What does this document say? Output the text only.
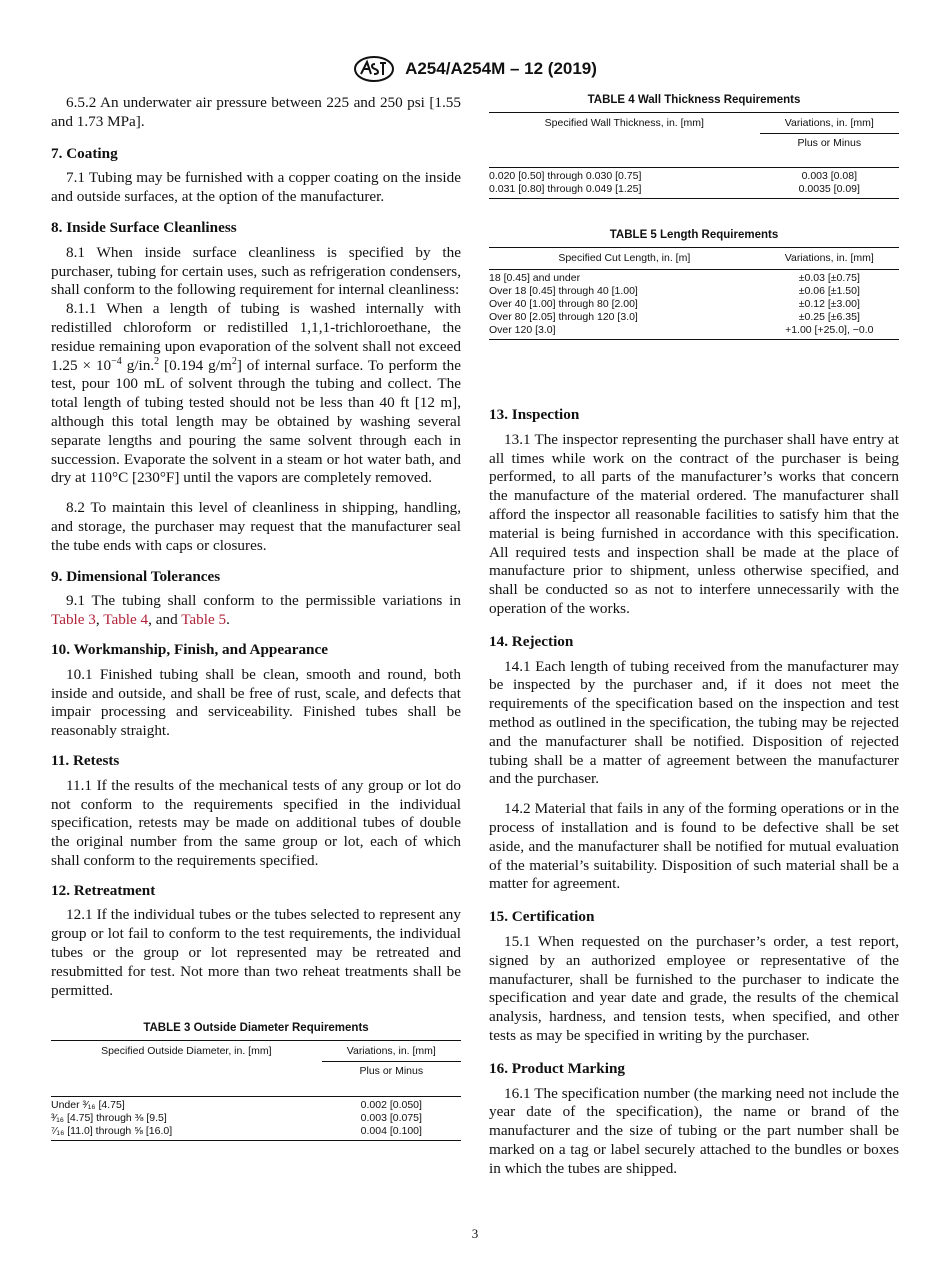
A254/A254M – 12 (2019)

6.5.2 An underwater air pressure between 225 and 250 psi [1.55 and 1.73 MPa].

7. Coating

7.1 Tubing may be furnished with a copper coating on the inside and outside surfaces, at the option of the manufacturer.

8. Inside Surface Cleanliness

8.1 When inside surface cleanliness is specified by the purchaser, tubing for certain uses, such as refrigeration condensers, shall conform to the following requirement for internal cleanliness:

8.1.1 When a length of tubing is washed internally with redistilled chloroform or redistilled 1,1,1-trichloroethane, the residue remaining upon evaporation of the solvent shall not exceed $1.25 \times 10^{-4}$ g/in.$^2$ [0.194 $g/m^2$] of internal surface. To perform the test, pour 100 mL of solvent through the tubing and collect. The total length of tubing tested should not be less than 40 ft [12 m], although this total length may be obtained by washing several separate lengths and pouring the same solvent through each in succession. Evaporate the solvent in a steam or hot water bath, and dry at 110°C [230°F] until the vapors are completely removed.

8.2 To maintain this level of cleanliness in shipping, handling, and storage, the purchaser may request that the manufacturer seal the tube ends with caps or closures.

9. Dimensional Tolerances

9.1 The tubing shall conform to the permissible variations in Table 3, Table 4, and Table 5.

10. Workmanship, Finish, and Appearance

10.1 Finished tubing shall be clean, smooth and round, both inside and outside, and shall be free of rust, scale, and defects that impair processing and serviceability. Finished tubes shall be reasonably straight.

11. Retests

11.1 If the results of the mechanical tests of any group or lot do not conform to the requirements specified in the individual specification, retests may be made on additional tubes of double the original number from the same group or lot, each of which shall conform to the requirements specified.

12. Retreatment

12.1 If the individual tubes or the tubes selected to represent any group or lot fail to conform to the test requirements, the individual tubes or the group or lot represented may be retreated and resubmitted for test. Not more than two reheat treatments shall be permitted.

TABLE 3 Outside Diameter Requirements
Specified Outside Diameter, in. [mm]	Variations, in. [mm]
	Plus or Minus

Under ³⁄₁₆ [4.75]	0.002 [0.050]
³⁄₁₆ [4.75] through ⅜ [9.5]	0.003 [0.075]
⁷⁄₁₆ [11.0] through ⅝ [16.0]	0.004 [0.100]
TABLE 4 Wall Thickness Requirements
Specified Wall Thickness, in. [mm]	Variations, in. [mm]
	Plus or Minus

0.020 [0.50] through 0.030 [0.75]	0.003 [0.08]
0.031 [0.80] through 0.049 [1.25]	0.0035 [0.09]
TABLE 5 Length Requirements
Specified Cut Length, in. [m]	Variations, in. [mm]

18 [0.45] and under	±0.03 [±0.75]
Over 18 [0.45] through 40 [1.00]	±0.06 [±1.50]
Over 40 [1.00] through 80 [2.00]	±0.12 [±3.00]
Over 80 [2.05] through 120 [3.0]	±0.25 [±6.35]
Over 120 [3.0]	+1.00 [+25.0], −0.0
13. Inspection

13.1 The inspector representing the purchaser shall have entry at all times while work on the contract of the purchaser is being performed, to all parts of the manufacturer’s works that concern the manufacture of the material ordered. The manufacturer shall afford the inspector all reasonable facilities to satisfy him that the material is being furnished in accordance with this specification. All required tests and inspection shall be made at the place of manufacture prior to shipment, unless otherwise specified, and shall be conducted so as not to interfere unnecessarily with the operation of the works.

14. Rejection

14.1 Each length of tubing received from the manufacturer may be inspected by the purchaser and, if it does not meet the requirements of the specification based on the inspection and test method as outlined in the specification, the tubing may be rejected and the manufacturer shall be notified. Disposition of rejected tubing shall be a matter of agreement between the manufacturer and the purchaser.

14.2 Material that fails in any of the forming operations or in the process of installation and is found to be defective shall be set aside, and the manufacturer shall be notified for mutual evaluation of the material’s suitability. Disposition of such material shall be a matter for agreement.

15. Certification

15.1 When requested on the purchaser’s order, a test report, signed by an authorized employee or representative of the manufacturer, shall be furnished to the purchaser to indicate the specification and year date and grade, the results of the chemical analysis, hardness, and tension tests, when specified, and other tests as may be specified in writing by the purchaser.

16. Product Marking

16.1 The specification number (the marking need not include the year date of the specification), the name or brand of the manufacturer and the size of tubing or the part number shall be marked on a tag or label securely attached to the bundles or boxes in which the tubes are shipped.

3
